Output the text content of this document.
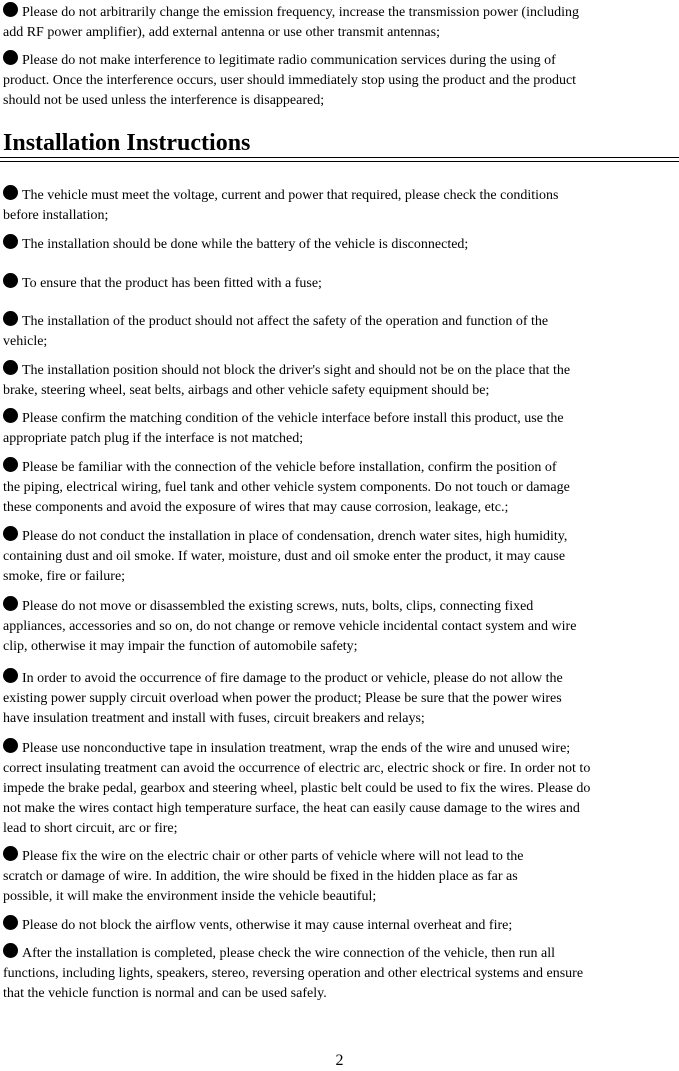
Please do not arbitrarily change the emission frequency, increase the transmission power (including
add RF power amplifier), add external antenna or use other transmit antennas;
Please do not make interference to legitimate radio communication services during the using of
product. Once the interference occurs, user should immediately stop using the product and the product
should not be used unless the interference is disappeared;
Installation Instructions
The vehicle must meet the voltage, current and power that required, please check the conditions
before installation;
The installation should be done while the battery of the vehicle is disconnected;
To ensure that the product has been fitted with a fuse;
The installation of the product should not affect the safety of the operation and function of the
vehicle;
The installation position should not block the driver's sight and should not be on the place that the
brake, steering wheel, seat belts, airbags and other vehicle safety equipment should be;
Please confirm the matching condition of the vehicle interface before install this product, use the
appropriate patch plug if the interface is not matched;
Please be familiar with the connection of the vehicle before installation, confirm the position of
the piping, electrical wiring, fuel tank and other vehicle system components. Do not touch or damage
these components and avoid the exposure of wires that may cause corrosion, leakage, etc.;
Please do not conduct the installation in place of condensation, drench water sites, high humidity,
containing dust and oil smoke. If water, moisture, dust and oil smoke enter the product, it may cause
smoke, fire or failure;
Please do not move or disassembled the existing screws, nuts, bolts, clips, connecting fixed
appliances, accessories and so on, do not change or remove vehicle incidental contact system and wire
clip, otherwise it may impair the function of automobile safety;
In order to avoid the occurrence of fire damage to the product or vehicle, please do not allow the
existing power supply circuit overload when power the product; Please be sure that the power wires
have insulation treatment and install with fuses, circuit breakers and relays;
Please use nonconductive tape in insulation treatment, wrap the ends of the wire and unused wire;
correct insulating treatment can avoid the occurrence of electric arc, electric shock or fire. In order not to
impede the brake pedal, gearbox and steering wheel, plastic belt could be used to fix the wires. Please do
not make the wires contact high temperature surface, the heat can easily cause damage to the wires and
lead to short circuit, arc or fire;
Please fix the wire on the electric chair or other parts of vehicle where will not lead to the
scratch or damage of wire. In addition, the wire should be fixed in the hidden place as far as
possible, it will make the environment inside the vehicle beautiful;
Please do not block the airflow vents, otherwise it may cause internal overheat and fire;
After the installation is completed, please check the wire connection of the vehicle, then run all
functions, including lights, speakers, stereo, reversing operation and other electrical systems and ensure
that the vehicle function is normal and can be used safely.
2
